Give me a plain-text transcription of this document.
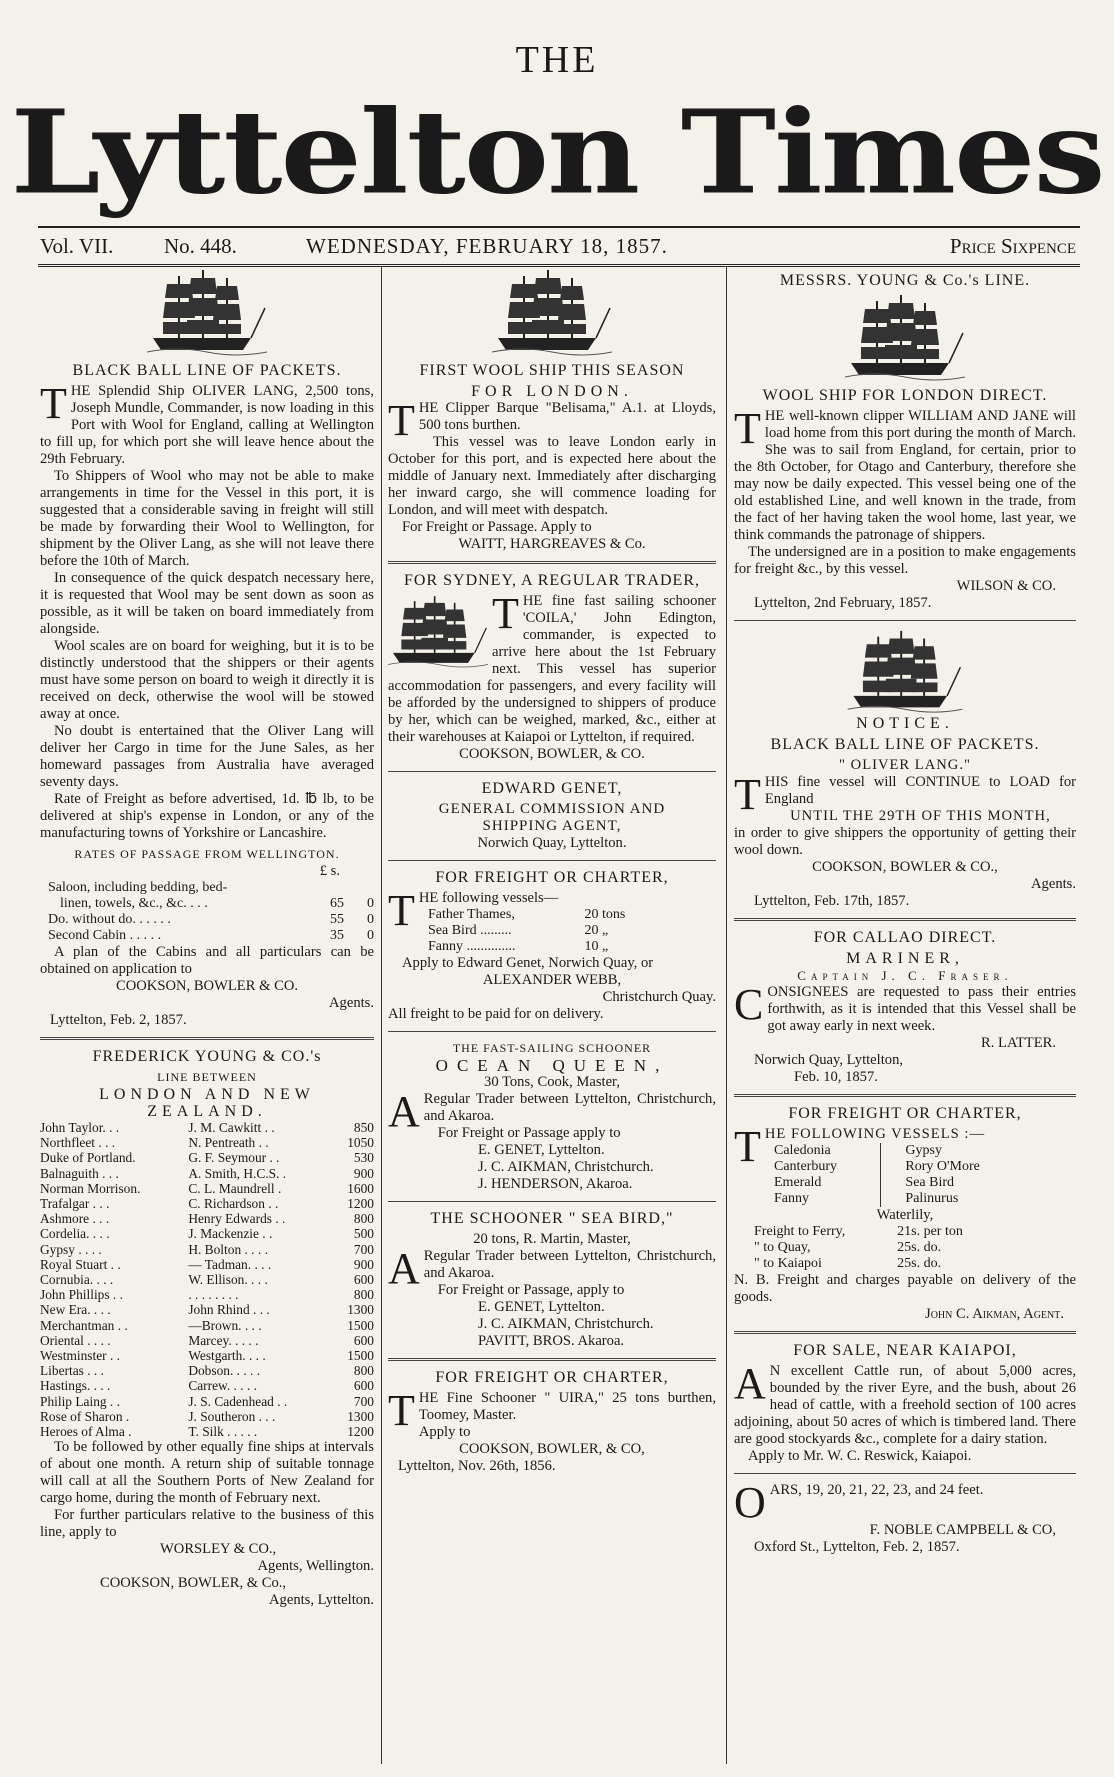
THE
Lyttelton Times
Vol. VII. No. 448.	WEDNESDAY, FEBRUARY 18, 1857.	Price Sixpence
BLACK BALL LINE OF PACKETS.

THE Splendid Ship OLIVER LANG, 2,500 tons, Joseph Mundle, Commander, is now loading in this Port with Wool for England, calling at Wellington to fill up, for which port she will leave hence about the 29th February.

To Shippers of Wool who may not be able to make arrangements in time for the Vessel in this port, it is suggested that a considerable saving in freight will still be made by forwarding their Wool to Wellington, for shipment by the Oliver Lang, as she will not leave there before the 10th of March.

In consequence of the quick despatch necessary here, it is requested that Wool may be sent down as soon as possible, as it will be taken on board immediately from alongside.

Wool scales are on board for weighing, but it is to be distinctly understood that the shippers or their agents must have some person on board to weigh it directly it is received on deck, otherwise the wool will be stowed away at once.

No doubt is entertained that the Oliver Lang will deliver her Cargo in time for the June Sales, as her homeward passages from Australia have averaged seventy days.

Rate of Freight as before advertised, 1d. ℔ lb, to be delivered at ship's expense in London, or any of the manufacturing towns of Yorkshire or Lancashire.

RATES OF PASSAGE FROM WELLINGTON.
£ s.
Saloon, including bedding, bed-		
linen, towels, &c., &c. . . .	65	0
Do. without do. . . . . .	55	0
Second Cabin . . . . .	35	0

A plan of the Cabins and all particulars can be obtained on application to

COOKSON, BOWLER & CO.
Agents.
Lyttelton, Feb. 2, 1857.
FREDERICK YOUNG & CO.'s
LINE BETWEEN
LONDON AND NEW ZEALAND.
John Taylor. . .	J. M. Cawkitt . .	850
Northfleet . . .	N. Pentreath . .	1050
Duke of Portland.	G. F. Seymour . .	530
Balnaguith . . .	A. Smith, H.C.S. .	900
Norman Morrison.	C. L. Maundrell .	1600
Trafalgar . . .	C. Richardson . .	1200
Ashmore . . .	Henry Edwards . .	800
Cordelia. . . .	J. Mackenzie . .	500
Gypsy . . . .	H. Bolton . . . .	700
Royal Stuart . .	— Tadman. . . .	900
Cornubia. . . .	W. Ellison. . . .	600
John Phillips . .	. . . . . . . .	800
New Era. . . .	John Rhind . . .	1300
Merchantman . .	—Brown. . . .	1500
Oriental . . . .	Marcey. . . . .	600
Westminster . .	Westgarth. . . .	1500
Libertas . . .	Dobson. . . . .	800
Hastings. . . .	Carrew. . . . .	600
Philip Laing . .	J. S. Cadenhead . .	700
Rose of Sharon .	J. Southeron . . .	1300
Heroes of Alma .	T. Silk . . . . .	1200

To be followed by other equally fine ships at intervals of about one month. A return ship of suitable tonnage will call at all the Southern Ports of New Zealand for cargo home, during the month of February next.

For further particulars relative to the business of this line, apply to

WORSLEY & CO.,
Agents, Wellington.
COOKSON, BOWLER, & Co.,
Agents, Lyttelton.
FIRST WOOL SHIP THIS SEASON
FOR LONDON.

THE Clipper Barque "Belisama," A.1. at Lloyds, 500 tons burthen.

This vessel was to leave London early in October for this port, and is expected here about the middle of January next. Immediately after discharging her inward cargo, she will commence loading for London, and will meet with despatch.

For Freight or Passage. Apply to

WAITT, HARGREAVES & Co.
FOR SYDNEY, A REGULAR TRADER,

THE fine fast sailing schooner 'COILA,' John Edington, commander, is expected to arrive here about the 1st February next. This vessel has superior accommodation for passengers, and every facility will be afforded by the undersigned to shippers of produce by her, which can be weighed, marked, &c., either at their warehouses at Kaiapoi or Lyttelton, if required.

COOKSON, BOWLER, & CO.
EDWARD GENET,
GENERAL COMMISSION AND
SHIPPING AGENT,
Norwich Quay, Lyttelton.
FOR FREIGHT OR CHARTER,

THE following vessels—

Father Thames,	20 tons
Sea Bird .........	20 „
Fanny ..............	10 „

Apply to Edward Genet, Norwich Quay, or

ALEXANDER WEBB,
Christchurch Quay.

All freight to be paid for on delivery.

THE FAST-SAILING SCHOONER
OCEAN QUEEN,
30 Tons, Cook, Master,

A Regular Trader between Lyttelton, Christchurch, and Akaroa.

For Freight or Passage apply to

E. GENET, Lyttelton.
J. C. AIKMAN, Christchurch.
J. HENDERSON, Akaroa.
THE SCHOONER " SEA BIRD,"
20 tons, R. Martin, Master,

A Regular Trader between Lyttelton, Christchurch, and Akaroa.

For Freight or Passage, apply to

E. GENET, Lyttelton.
J. C. AIKMAN, Christchurch.
PAVITT, BROS. Akaroa.
FOR FREIGHT OR CHARTER,

THE Fine Schooner " UIRA," 25 tons burthen, Toomey, Master.

Apply to

COOKSON, BOWLER, & CO,
Lyttelton, Nov. 26th, 1856.
MESSRS. YOUNG & Co.'s LINE.
WOOL SHIP FOR LONDON DIRECT.

THE well-known clipper WILLIAM AND JANE will load home from this port during the month of March. She was to sail from England, for certain, prior to the 8th October, for Otago and Canterbury, therefore she may now be daily expected. This vessel being one of the old established Line, and well known in the trade, from the fact of her having taken the wool home, last year, we think commands the patronage of shippers.

The undersigned are in a position to make engagements for freight &c., by this vessel.

WILSON & CO.
Lyttelton, 2nd February, 1857.
NOTICE.
BLACK BALL LINE OF PACKETS.
" OLIVER LANG."

THIS fine vessel will CONTINUE to LOAD for England

UNTIL THE 29TH OF THIS MONTH,

in order to give shippers the opportunity of getting their wool down.

COOKSON, BOWLER & CO.,
Agents.
Lyttelton, Feb. 17th, 1857.
FOR CALLAO DIRECT.
MARINER,
Captain J. C. Fraser.

CONSIGNEES are requested to pass their entries forthwith, as it is intended that this Vessel shall be got away early in next week.

R. LATTER.
Norwich Quay, Lyttelton,
Feb. 10, 1857.
FOR FREIGHT OR CHARTER,

THE FOLLOWING VESSELS :—

Caledonia	Gypsy
Canterbury	Rory O'More
Emerald	Sea Bird
Fanny	Palinurus
Waterlily,
Freight to Ferry,	21s. per ton
" to Quay,	25s. do.
" to Kaiapoi	25s. do.

N. B. Freight and charges payable on delivery of the goods.

John C. Aikman, Agent.
FOR SALE, NEAR KAIAPOI,

A N excellent Cattle run, of about 5,000 acres, bounded by the river Eyre, and the bush, about 26 head of cattle, with a freehold section of 100 acres adjoining, about 50 acres of which is timbered land. There are good stockyards &c., complete for a dairy station.

Apply to Mr. W. C. Reswick, Kaiapoi.

OARS, 19, 20, 21, 22, 23, and 24 feet.

F. NOBLE CAMPBELL & CO,
Oxford St., Lyttelton, Feb. 2, 1857.
